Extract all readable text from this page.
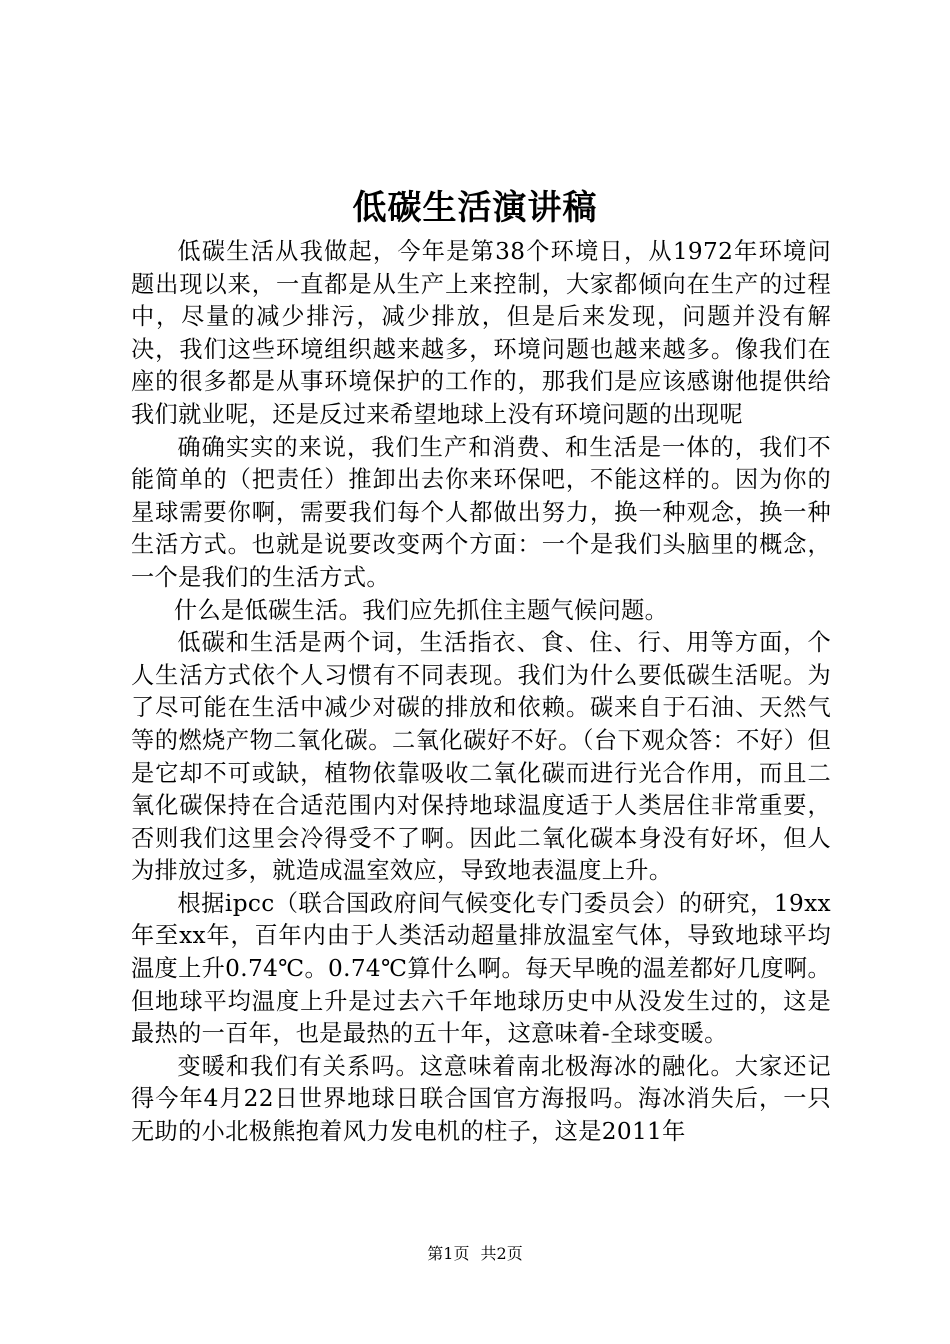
低碳生活演讲稿

低碳生活从我做起，今年是第38个环境日，从1972年环境问题出现以来，一直都是从生产上来控制，大家都倾向在生产的过程中，尽量的减少排污，减少排放，但是后来发现，问题并没有解决，我们这些环境组织越来越多，环境问题也越来越多。像我们在座的很多都是从事环境保护的工作的，那我们是应该感谢他提供给我们就业呢，还是反过来希望地球上没有环境问题的出现呢

确确实实的来说，我们生产和消费、和生活是一体的，我们不能简单的（把责任）推卸出去你来环保吧，不能这样的。因为你的星球需要你啊，需要我们每个人都做出努力，换一种观念，换一种生活方式。也就是说要改变两个方面：一个是我们头脑里的概念，一个是我们的生活方式。

什么是低碳生活。我们应先抓住主题气候问题。

低碳和生活是两个词，生活指衣、食、住、行、用等方面，个人生活方式依个人习惯有不同表现。我们为什么要低碳生活呢。为了尽可能在生活中减少对碳的排放和依赖。碳来自于石油、天然气等的燃烧产物二氧化碳。二氧化碳好不好。（台下观众答：不好）但是它却不可或缺，植物依靠吸收二氧化碳而进行光合作用，而且二氧化碳保持在合适范围内对保持地球温度适于人类居住非常重要，否则我们这里会冷得受不了啊。因此二氧化碳本身没有好坏，但人为排放过多，就造成温室效应，导致地表温度上升。

根据ipcc（联合国政府间气候变化专门委员会）的研究，19xx年至xx年，百年内由于人类活动超量排放温室气体，导致地球平均温度上升0.74℃。0.74℃算什么啊。每天早晚的温差都好几度啊。但地球平均温度上升是过去六千年地球历史中从没发生过的，这是最热的一百年，也是最热的五十年，这意味着-全球变暖。

变暖和我们有关系吗。这意味着南北极海冰的融化。大家还记得今年4月22日世界地球日联合国官方海报吗。海冰消失后，一只无助的小北极熊抱着风力发电机的柱子，这是2011年

第1页 共2页
